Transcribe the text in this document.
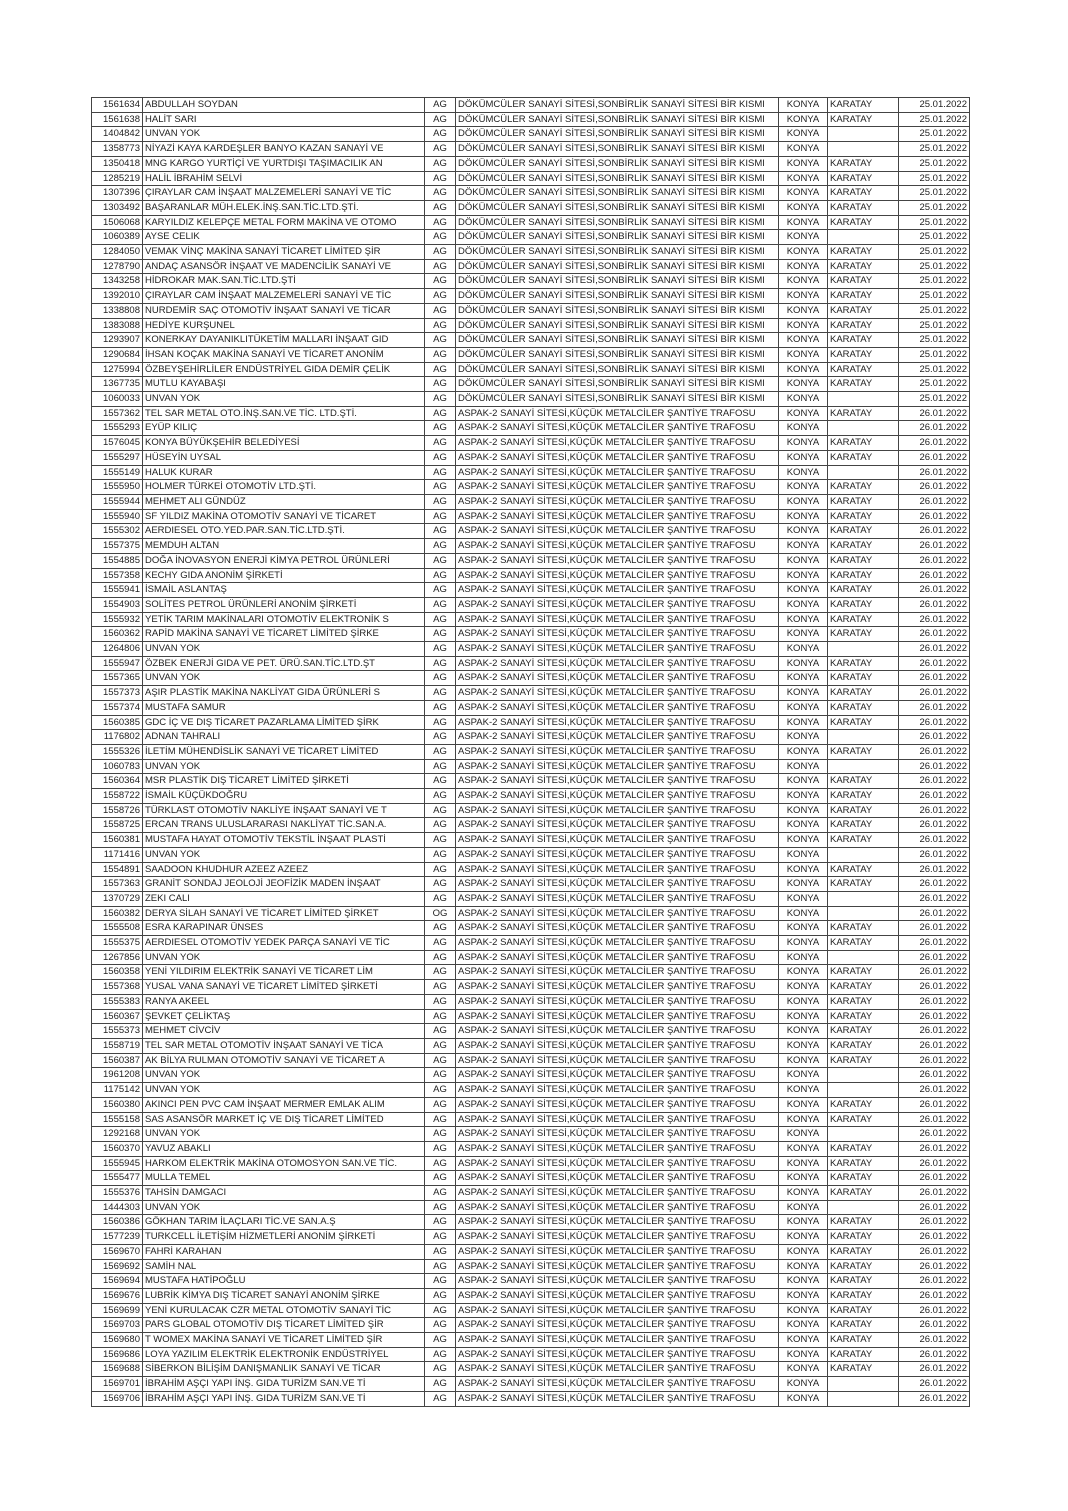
1561634	ABDULLAH SOYDAN	AG	DÖKÜMCÜLER SANAYİ SİTESİ,SONBİRLİK SANAYİ SİTESİ BİR KISMI	KONYA	KARATAY	25.01.2022
1561638	HALİT SARI	AG	DÖKÜMCÜLER SANAYİ SİTESİ,SONBİRLİK SANAYİ SİTESİ BİR KISMI	KONYA	KARATAY	25.01.2022
1404842	UNVAN YOK	AG	DÖKÜMCÜLER SANAYİ SİTESİ,SONBİRLİK SANAYİ SİTESİ BİR KISMI	KONYA		25.01.2022
1358773	NİYAZİ KAYA KARDEŞLER BANYO KAZAN SANAYİ VE	AG	DÖKÜMCÜLER SANAYİ SİTESİ,SONBİRLİK SANAYİ SİTESİ BİR KISMI	KONYA		25.01.2022
1350418	MNG KARGO YURTİÇİ VE YURTDIŞI TAŞIMACILIK AN	AG	DÖKÜMCÜLER SANAYİ SİTESİ,SONBİRLİK SANAYİ SİTESİ BİR KISMI	KONYA	KARATAY	25.01.2022
1285219	HALİL İBRAHİM SELVİ	AG	DÖKÜMCÜLER SANAYİ SİTESİ,SONBİRLİK SANAYİ SİTESİ BİR KISMI	KONYA	KARATAY	25.01.2022
1307396	ÇIRAYLAR CAM İNŞAAT MALZEMELERİ SANAYİ VE TİC	AG	DÖKÜMCÜLER SANAYİ SİTESİ,SONBİRLİK SANAYİ SİTESİ BİR KISMI	KONYA	KARATAY	25.01.2022
1303492	BAŞARANLAR MÜH.ELEK.İNŞ.SAN.TİC.LTD.ŞTİ.	AG	DÖKÜMCÜLER SANAYİ SİTESİ,SONBİRLİK SANAYİ SİTESİ BİR KISMI	KONYA	KARATAY	25.01.2022
1506068	KARYILDIZ KELEPÇE METAL FORM MAKİNA VE OTOMO	AG	DÖKÜMCÜLER SANAYİ SİTESİ,SONBİRLİK SANAYİ SİTESİ BİR KISMI	KONYA	KARATAY	25.01.2022
1060389	AYSE CELIK	AG	DÖKÜMCÜLER SANAYİ SİTESİ,SONBİRLİK SANAYİ SİTESİ BİR KISMI	KONYA		25.01.2022
1284050	VEMAK VİNÇ MAKİNA SANAYİ TİCARET LİMİTED ŞİR	AG	DÖKÜMCÜLER SANAYİ SİTESİ,SONBİRLİK SANAYİ SİTESİ BİR KISMI	KONYA	KARATAY	25.01.2022
1278790	ANDAÇ ASANSÖR İNŞAAT VE MADENCİLİK SANAYİ VE	AG	DÖKÜMCÜLER SANAYİ SİTESİ,SONBİRLİK SANAYİ SİTESİ BİR KISMI	KONYA	KARATAY	25.01.2022
1343258	HİDROKAR MAK.SAN.TİC.LTD.ŞTİ	AG	DÖKÜMCÜLER SANAYİ SİTESİ,SONBİRLİK SANAYİ SİTESİ BİR KISMI	KONYA	KARATAY	25.01.2022
1392010	ÇIRAYLAR CAM İNŞAAT MALZEMELERİ SANAYİ VE TİC	AG	DÖKÜMCÜLER SANAYİ SİTESİ,SONBİRLİK SANAYİ SİTESİ BİR KISMI	KONYA	KARATAY	25.01.2022
1338808	NURDEMİR SAÇ OTOMOTİV İNŞAAT SANAYİ VE TİCAR	AG	DÖKÜMCÜLER SANAYİ SİTESİ,SONBİRLİK SANAYİ SİTESİ BİR KISMI	KONYA	KARATAY	25.01.2022
1383088	HEDİYE KURŞUNEL	AG	DÖKÜMCÜLER SANAYİ SİTESİ,SONBİRLİK SANAYİ SİTESİ BİR KISMI	KONYA	KARATAY	25.01.2022
1293907	KONERKAY DAYANIKLITÜKETİM MALLARI İNŞAAT GID	AG	DÖKÜMCÜLER SANAYİ SİTESİ,SONBİRLİK SANAYİ SİTESİ BİR KISMI	KONYA	KARATAY	25.01.2022
1290684	İHSAN KOÇAK MAKİNA SANAYİ VE TİCARET ANONİM	AG	DÖKÜMCÜLER SANAYİ SİTESİ,SONBİRLİK SANAYİ SİTESİ BİR KISMI	KONYA	KARATAY	25.01.2022
1275994	ÖZBEYŞEHİRLİLER ENDÜSTRİYEL GIDA DEMİR ÇELİK	AG	DÖKÜMCÜLER SANAYİ SİTESİ,SONBİRLİK SANAYİ SİTESİ BİR KISMI	KONYA	KARATAY	25.01.2022
1367735	MUTLU KAYABAŞI	AG	DÖKÜMCÜLER SANAYİ SİTESİ,SONBİRLİK SANAYİ SİTESİ BİR KISMI	KONYA	KARATAY	25.01.2022
1060033	UNVAN YOK	AG	DÖKÜMCÜLER SANAYİ SİTESİ,SONBİRLİK SANAYİ SİTESİ BİR KISMI	KONYA		25.01.2022
1557362	TEL SAR METAL OTO.İNŞ.SAN.VE TİC. LTD.ŞTİ.	AG	ASPAK-2 SANAYİ SİTESİ,KÜÇÜK METALCİLER ŞANTİYE TRAFOSU	KONYA	KARATAY	26.01.2022
1555293	EYÜP KILIÇ	AG	ASPAK-2 SANAYİ SİTESİ,KÜÇÜK METALCİLER ŞANTİYE TRAFOSU	KONYA		26.01.2022
1576045	KONYA BÜYÜKŞEHİR BELEDİYESİ	AG	ASPAK-2 SANAYİ SİTESİ,KÜÇÜK METALCİLER ŞANTİYE TRAFOSU	KONYA	KARATAY	26.01.2022
1555297	HÜSEYİN UYSAL	AG	ASPAK-2 SANAYİ SİTESİ,KÜÇÜK METALCİLER ŞANTİYE TRAFOSU	KONYA	KARATAY	26.01.2022
1555149	HALUK KURAR	AG	ASPAK-2 SANAYİ SİTESİ,KÜÇÜK METALCİLER ŞANTİYE TRAFOSU	KONYA		26.01.2022
1555950	HOLMER TÜRKEİ OTOMOTİV LTD.ŞTİ.	AG	ASPAK-2 SANAYİ SİTESİ,KÜÇÜK METALCİLER ŞANTİYE TRAFOSU	KONYA	KARATAY	26.01.2022
1555944	MEHMET ALI GÜNDÜZ	AG	ASPAK-2 SANAYİ SİTESİ,KÜÇÜK METALCİLER ŞANTİYE TRAFOSU	KONYA	KARATAY	26.01.2022
1555940	SF YILDIZ MAKİNA OTOMOTİV SANAYİ VE TİCARET	AG	ASPAK-2 SANAYİ SİTESİ,KÜÇÜK METALCİLER ŞANTİYE TRAFOSU	KONYA	KARATAY	26.01.2022
1555302	AERDIESEL OTO.YED.PAR.SAN.TİC.LTD.ŞTİ.	AG	ASPAK-2 SANAYİ SİTESİ,KÜÇÜK METALCİLER ŞANTİYE TRAFOSU	KONYA	KARATAY	26.01.2022
1557375	MEMDUH ALTAN	AG	ASPAK-2 SANAYİ SİTESİ,KÜÇÜK METALCİLER ŞANTİYE TRAFOSU	KONYA	KARATAY	26.01.2022
1554885	DOĞA İNOVASYON ENERJİ KİMYA PETROL ÜRÜNLERİ	AG	ASPAK-2 SANAYİ SİTESİ,KÜÇÜK METALCİLER ŞANTİYE TRAFOSU	KONYA	KARATAY	26.01.2022
1557358	KECHY GIDA ANONİM ŞİRKETİ	AG	ASPAK-2 SANAYİ SİTESİ,KÜÇÜK METALCİLER ŞANTİYE TRAFOSU	KONYA	KARATAY	26.01.2022
1555941	İSMAİL ASLANTAŞ	AG	ASPAK-2 SANAYİ SİTESİ,KÜÇÜK METALCİLER ŞANTİYE TRAFOSU	KONYA	KARATAY	26.01.2022
1554903	SOLİTES PETROL ÜRÜNLERİ ANONİM ŞİRKETİ	AG	ASPAK-2 SANAYİ SİTESİ,KÜÇÜK METALCİLER ŞANTİYE TRAFOSU	KONYA	KARATAY	26.01.2022
1555932	YETİK TARIM MAKİNALARI OTOMOTİV ELEKTRONİK S	AG	ASPAK-2 SANAYİ SİTESİ,KÜÇÜK METALCİLER ŞANTİYE TRAFOSU	KONYA	KARATAY	26.01.2022
1560362	RAPİD MAKİNA SANAYİ VE TİCARET LİMİTED ŞİRKE	AG	ASPAK-2 SANAYİ SİTESİ,KÜÇÜK METALCİLER ŞANTİYE TRAFOSU	KONYA	KARATAY	26.01.2022
1264806	UNVAN YOK	AG	ASPAK-2 SANAYİ SİTESİ,KÜÇÜK METALCİLER ŞANTİYE TRAFOSU	KONYA		26.01.2022
1555947	ÖZBEK ENERJİ GIDA VE PET. ÜRÜ.SAN.TİC.LTD.ŞT	AG	ASPAK-2 SANAYİ SİTESİ,KÜÇÜK METALCİLER ŞANTİYE TRAFOSU	KONYA	KARATAY	26.01.2022
1557365	UNVAN YOK	AG	ASPAK-2 SANAYİ SİTESİ,KÜÇÜK METALCİLER ŞANTİYE TRAFOSU	KONYA	KARATAY	26.01.2022
1557373	AŞIR PLASTİK MAKİNA NAKLİYAT GIDA ÜRÜNLERİ S	AG	ASPAK-2 SANAYİ SİTESİ,KÜÇÜK METALCİLER ŞANTİYE TRAFOSU	KONYA	KARATAY	26.01.2022
1557374	MUSTAFA SAMUR	AG	ASPAK-2 SANAYİ SİTESİ,KÜÇÜK METALCİLER ŞANTİYE TRAFOSU	KONYA	KARATAY	26.01.2022
1560385	GDC İÇ VE DIŞ TİCARET PAZARLAMA LİMİTED ŞİRK	AG	ASPAK-2 SANAYİ SİTESİ,KÜÇÜK METALCİLER ŞANTİYE TRAFOSU	KONYA	KARATAY	26.01.2022
1176802	ADNAN TAHRALI	AG	ASPAK-2 SANAYİ SİTESİ,KÜÇÜK METALCİLER ŞANTİYE TRAFOSU	KONYA		26.01.2022
1555326	İLETİM MÜHENDİSLİK SANAYİ VE TİCARET LİMİTED	AG	ASPAK-2 SANAYİ SİTESİ,KÜÇÜK METALCİLER ŞANTİYE TRAFOSU	KONYA	KARATAY	26.01.2022
1060783	UNVAN YOK	AG	ASPAK-2 SANAYİ SİTESİ,KÜÇÜK METALCİLER ŞANTİYE TRAFOSU	KONYA		26.01.2022
1560364	MSR PLASTİK DIŞ TİCARET LİMİTED ŞİRKETİ	AG	ASPAK-2 SANAYİ SİTESİ,KÜÇÜK METALCİLER ŞANTİYE TRAFOSU	KONYA	KARATAY	26.01.2022
1558722	İSMAİL KÜÇÜKDOĞRU	AG	ASPAK-2 SANAYİ SİTESİ,KÜÇÜK METALCİLER ŞANTİYE TRAFOSU	KONYA	KARATAY	26.01.2022
1558726	TÜRKLAST OTOMOTİV NAKLİYE İNŞAAT SANAYİ VE T	AG	ASPAK-2 SANAYİ SİTESİ,KÜÇÜK METALCİLER ŞANTİYE TRAFOSU	KONYA	KARATAY	26.01.2022
1558725	ERCAN TRANS ULUSLARARASI NAKLİYAT TİC.SAN.A.	AG	ASPAK-2 SANAYİ SİTESİ,KÜÇÜK METALCİLER ŞANTİYE TRAFOSU	KONYA	KARATAY	26.01.2022
1560381	MUSTAFA HAYAT OTOMOTİV TEKSTİL İNŞAAT PLASTİ	AG	ASPAK-2 SANAYİ SİTESİ,KÜÇÜK METALCİLER ŞANTİYE TRAFOSU	KONYA	KARATAY	26.01.2022
1171416	UNVAN YOK	AG	ASPAK-2 SANAYİ SİTESİ,KÜÇÜK METALCİLER ŞANTİYE TRAFOSU	KONYA		26.01.2022
1554891	SAADOON KHUDHUR AZEEZ AZEEZ	AG	ASPAK-2 SANAYİ SİTESİ,KÜÇÜK METALCİLER ŞANTİYE TRAFOSU	KONYA	KARATAY	26.01.2022
1557363	GRANİT SONDAJ JEOLOJİ JEOFİZİK MADEN İNŞAAT	AG	ASPAK-2 SANAYİ SİTESİ,KÜÇÜK METALCİLER ŞANTİYE TRAFOSU	KONYA	KARATAY	26.01.2022
1370729	ZEKI CALI	AG	ASPAK-2 SANAYİ SİTESİ,KÜÇÜK METALCİLER ŞANTİYE TRAFOSU	KONYA		26.01.2022
1560382	DERYA SİLAH SANAYİ VE TİCARET LİMİTED ŞİRKET	OG	ASPAK-2 SANAYİ SİTESİ,KÜÇÜK METALCİLER ŞANTİYE TRAFOSU	KONYA		26.01.2022
1555508	ESRA KARAPINAR ÜNSES	AG	ASPAK-2 SANAYİ SİTESİ,KÜÇÜK METALCİLER ŞANTİYE TRAFOSU	KONYA	KARATAY	26.01.2022
1555375	AERDIESEL OTOMOTİV YEDEK PARÇA SANAYİ VE TİC	AG	ASPAK-2 SANAYİ SİTESİ,KÜÇÜK METALCİLER ŞANTİYE TRAFOSU	KONYA	KARATAY	26.01.2022
1267856	UNVAN YOK	AG	ASPAK-2 SANAYİ SİTESİ,KÜÇÜK METALCİLER ŞANTİYE TRAFOSU	KONYA		26.01.2022
1560358	YENİ YILDIRIM ELEKTRİK SANAYİ VE TİCARET LİM	AG	ASPAK-2 SANAYİ SİTESİ,KÜÇÜK METALCİLER ŞANTİYE TRAFOSU	KONYA	KARATAY	26.01.2022
1557368	YUSAL VANA SANAYİ VE TİCARET LİMİTED ŞİRKETİ	AG	ASPAK-2 SANAYİ SİTESİ,KÜÇÜK METALCİLER ŞANTİYE TRAFOSU	KONYA	KARATAY	26.01.2022
1555383	RANYA AKEEL	AG	ASPAK-2 SANAYİ SİTESİ,KÜÇÜK METALCİLER ŞANTİYE TRAFOSU	KONYA	KARATAY	26.01.2022
1560367	ŞEVKET ÇELİKTAŞ	AG	ASPAK-2 SANAYİ SİTESİ,KÜÇÜK METALCİLER ŞANTİYE TRAFOSU	KONYA	KARATAY	26.01.2022
1555373	MEHMET CİVCİV	AG	ASPAK-2 SANAYİ SİTESİ,KÜÇÜK METALCİLER ŞANTİYE TRAFOSU	KONYA	KARATAY	26.01.2022
1558719	TEL SAR METAL OTOMOTİV İNŞAAT SANAYİ VE TİCA	AG	ASPAK-2 SANAYİ SİTESİ,KÜÇÜK METALCİLER ŞANTİYE TRAFOSU	KONYA	KARATAY	26.01.2022
1560387	AK BİLYA RULMAN OTOMOTİV SANAYİ VE TİCARET A	AG	ASPAK-2 SANAYİ SİTESİ,KÜÇÜK METALCİLER ŞANTİYE TRAFOSU	KONYA	KARATAY	26.01.2022
1961208	UNVAN YOK	AG	ASPAK-2 SANAYİ SİTESİ,KÜÇÜK METALCİLER ŞANTİYE TRAFOSU	KONYA		26.01.2022
1175142	UNVAN YOK	AG	ASPAK-2 SANAYİ SİTESİ,KÜÇÜK METALCİLER ŞANTİYE TRAFOSU	KONYA		26.01.2022
1560380	AKINCI PEN PVC CAM İNŞAAT MERMER EMLAK ALIM	AG	ASPAK-2 SANAYİ SİTESİ,KÜÇÜK METALCİLER ŞANTİYE TRAFOSU	KONYA	KARATAY	26.01.2022
1555158	SAS ASANSÖR MARKET İÇ VE DIŞ TİCARET LİMİTED	AG	ASPAK-2 SANAYİ SİTESİ,KÜÇÜK METALCİLER ŞANTİYE TRAFOSU	KONYA	KARATAY	26.01.2022
1292168	UNVAN YOK	AG	ASPAK-2 SANAYİ SİTESİ,KÜÇÜK METALCİLER ŞANTİYE TRAFOSU	KONYA		26.01.2022
1560370	YAVUZ ABAKLI	AG	ASPAK-2 SANAYİ SİTESİ,KÜÇÜK METALCİLER ŞANTİYE TRAFOSU	KONYA	KARATAY	26.01.2022
1555945	HARKOM ELEKTRİK MAKİNA OTOMOSYON SAN.VE TİC.	AG	ASPAK-2 SANAYİ SİTESİ,KÜÇÜK METALCİLER ŞANTİYE TRAFOSU	KONYA	KARATAY	26.01.2022
1555477	MULLA TEMEL	AG	ASPAK-2 SANAYİ SİTESİ,KÜÇÜK METALCİLER ŞANTİYE TRAFOSU	KONYA	KARATAY	26.01.2022
1555376	TAHSİN DAMGACI	AG	ASPAK-2 SANAYİ SİTESİ,KÜÇÜK METALCİLER ŞANTİYE TRAFOSU	KONYA	KARATAY	26.01.2022
1444303	UNVAN YOK	AG	ASPAK-2 SANAYİ SİTESİ,KÜÇÜK METALCİLER ŞANTİYE TRAFOSU	KONYA		26.01.2022
1560386	GÖKHAN TARIM İLAÇLARI TİC.VE SAN.A.Ş	AG	ASPAK-2 SANAYİ SİTESİ,KÜÇÜK METALCİLER ŞANTİYE TRAFOSU	KONYA	KARATAY	26.01.2022
1577239	TURKCELL İLETİŞİM HİZMETLERİ ANONİM ŞİRKETİ	AG	ASPAK-2 SANAYİ SİTESİ,KÜÇÜK METALCİLER ŞANTİYE TRAFOSU	KONYA	KARATAY	26.01.2022
1569670	FAHRİ KARAHAN	AG	ASPAK-2 SANAYİ SİTESİ,KÜÇÜK METALCİLER ŞANTİYE TRAFOSU	KONYA	KARATAY	26.01.2022
1569692	SAMİH NAL	AG	ASPAK-2 SANAYİ SİTESİ,KÜÇÜK METALCİLER ŞANTİYE TRAFOSU	KONYA	KARATAY	26.01.2022
1569694	MUSTAFA HATİPOĞLU	AG	ASPAK-2 SANAYİ SİTESİ,KÜÇÜK METALCİLER ŞANTİYE TRAFOSU	KONYA	KARATAY	26.01.2022
1569676	LUBRİK KİMYA DIŞ TİCARET SANAYİ ANONİM ŞİRKE	AG	ASPAK-2 SANAYİ SİTESİ,KÜÇÜK METALCİLER ŞANTİYE TRAFOSU	KONYA	KARATAY	26.01.2022
1569699	YENİ KURULACAK CZR METAL OTOMOTİV SANAYİ TİC	AG	ASPAK-2 SANAYİ SİTESİ,KÜÇÜK METALCİLER ŞANTİYE TRAFOSU	KONYA	KARATAY	26.01.2022
1569703	PARS GLOBAL OTOMOTİV DIŞ TİCARET LİMİTED ŞİR	AG	ASPAK-2 SANAYİ SİTESİ,KÜÇÜK METALCİLER ŞANTİYE TRAFOSU	KONYA	KARATAY	26.01.2022
1569680	T WOMEX MAKİNA SANAYİ VE TİCARET LİMİTED ŞİR	AG	ASPAK-2 SANAYİ SİTESİ,KÜÇÜK METALCİLER ŞANTİYE TRAFOSU	KONYA	KARATAY	26.01.2022
1569686	LOYA YAZILIM ELEKTRİK ELEKTRONİK ENDÜSTRİYEL	AG	ASPAK-2 SANAYİ SİTESİ,KÜÇÜK METALCİLER ŞANTİYE TRAFOSU	KONYA	KARATAY	26.01.2022
1569688	SİBERKON BİLİŞİM DANIŞMANLIK SANAYİ VE TİCAR	AG	ASPAK-2 SANAYİ SİTESİ,KÜÇÜK METALCİLER ŞANTİYE TRAFOSU	KONYA	KARATAY	26.01.2022
1569701	İBRAHİM AŞÇI YAPI İNŞ. GIDA TURİZM SAN.VE Tİ	AG	ASPAK-2 SANAYİ SİTESİ,KÜÇÜK METALCİLER ŞANTİYE TRAFOSU	KONYA		26.01.2022
1569706	İBRAHİM AŞÇI YAPI İNŞ. GIDA TURİZM SAN.VE Tİ	AG	ASPAK-2 SANAYİ SİTESİ,KÜÇÜK METALCİLER ŞANTİYE TRAFOSU	KONYA		26.01.2022
